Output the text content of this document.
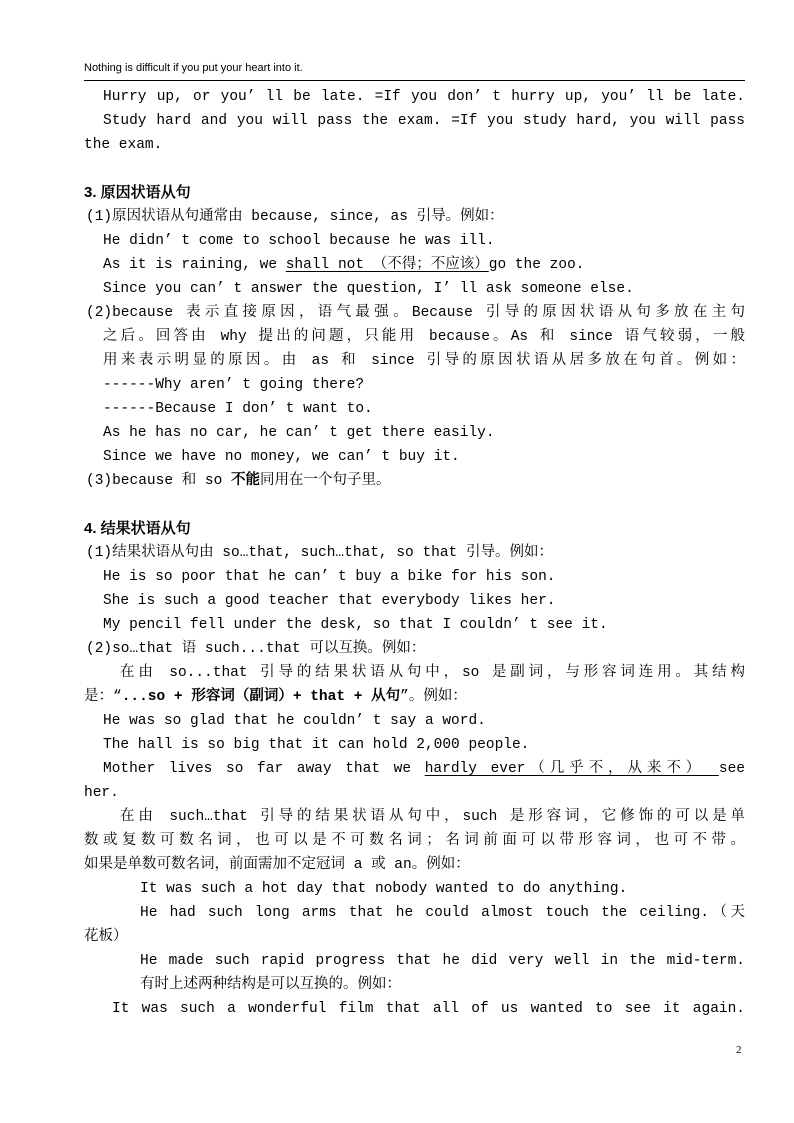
Nothing is difficult if you put your heart into it.
Hurry up, or you’ ll be late. =If you don’ t hurry up, you’ ll be late.
Study hard and you will pass the exam. =If you study hard, you will pass
the exam.
3. 原因状语从句
(1)原因状语从句通常由 because, since, as 引导。例如：
He didn’ t come to school because he was ill.
As it is raining, we shall not （不得；不应该）go the zoo.
Since you can’ t answer the question, I’ ll ask someone else.
(2)because 表示直接原因，语气最强。Because 引导的原因状语从句多放在主句
之后。回答由 why 提出的问题，只能用 because。As 和 since 语气较弱，一般
用来表示明显的原因。由 as 和 since 引导的原因状语从居多放在句首。例如：
------Why aren’ t going there?
------Because I don’ t want to.
As he has no car, he can’ t get there easily.
Since we have no money, we can’ t buy it.
(3)because 和 so 不能同用在一个句子里。
4. 结果状语从句
(1)结果状语从句由 so…that, such…that, so that 引导。例如：
He is so poor that he can’ t buy a bike for his son.
She is such a good teacher that everybody likes her.
My pencil fell under the desk, so that I couldn’ t see it.
(2)so…that 语 such...that 可以互换。例如：
在由 so...that 引导的结果状语从句中，so 是副词，与形容词连用。其结构
是：“...so + 形容词（副词）+ that + 从句”。例如：
He was so glad that he couldn’ t say a word.
The hall is so big that it can hold 2,000 people.
Mother lives so far away that we hardly ever（几乎不，从来不） see
her.
在由 such…that 引导的结果状语从句中，such 是形容词，它修饰的可以是单
数或复数可数名词，也可以是不可数名词；名词前面可以带形容词，也可不带。
如果是单数可数名词，前面需加不定冠词 a 或 an。例如：
It was such a hot day that nobody wanted to do anything.
He had such long arms that he could almost touch the ceiling.（天
花板）
He made such rapid progress that he did very well in the mid-term.
有时上述两种结构是可以互换的。例如：
It was such a wonderful film that all of us wanted to see it again.
2
